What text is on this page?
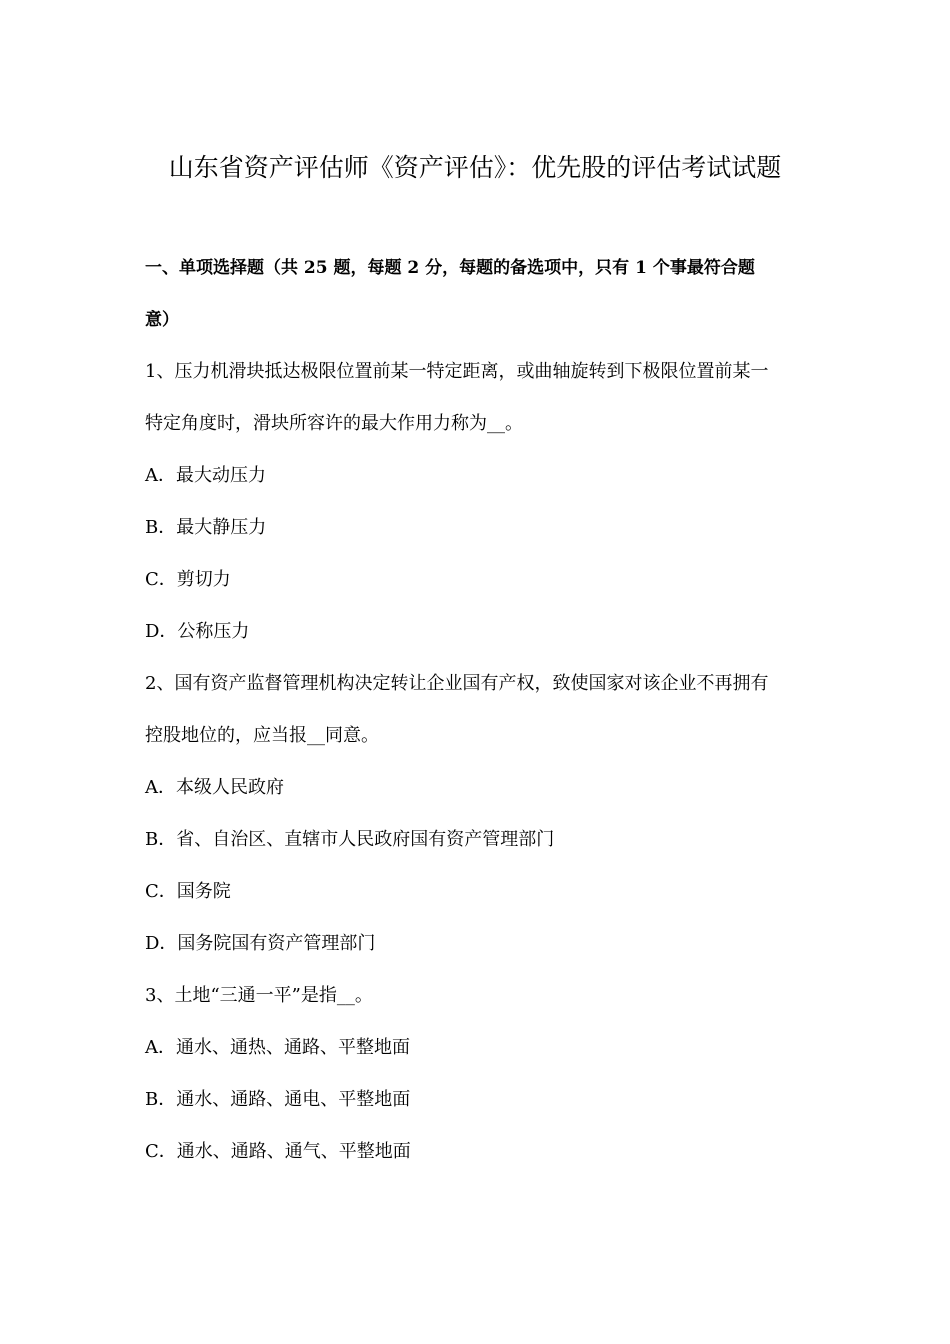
山东省资产评估师《资产评估》：优先股的评估考试试题

一、单项选择题（共 25 题，每题 2 分，每题的备选项中，只有 1 个事最符合题

意）

1、压力机滑块抵达极限位置前某一特定距离，或曲轴旋转到下极限位置前某一

特定角度时，滑块所容许的最大作用力称为__。

A．最大动压力

B．最大静压力

C．剪切力

D．公称压力

2、国有资产监督管理机构决定转让企业国有产权，致使国家对该企业不再拥有

控股地位的，应当报__同意。

A．本级人民政府

B．省、自治区、直辖市人民政府国有资产管理部门

C．国务院

D．国务院国有资产管理部门

3、土地“三通一平”是指__。

A．通水、通热、通路、平整地面

B．通水、通路、通电、平整地面

C．通水、通路、通气、平整地面
